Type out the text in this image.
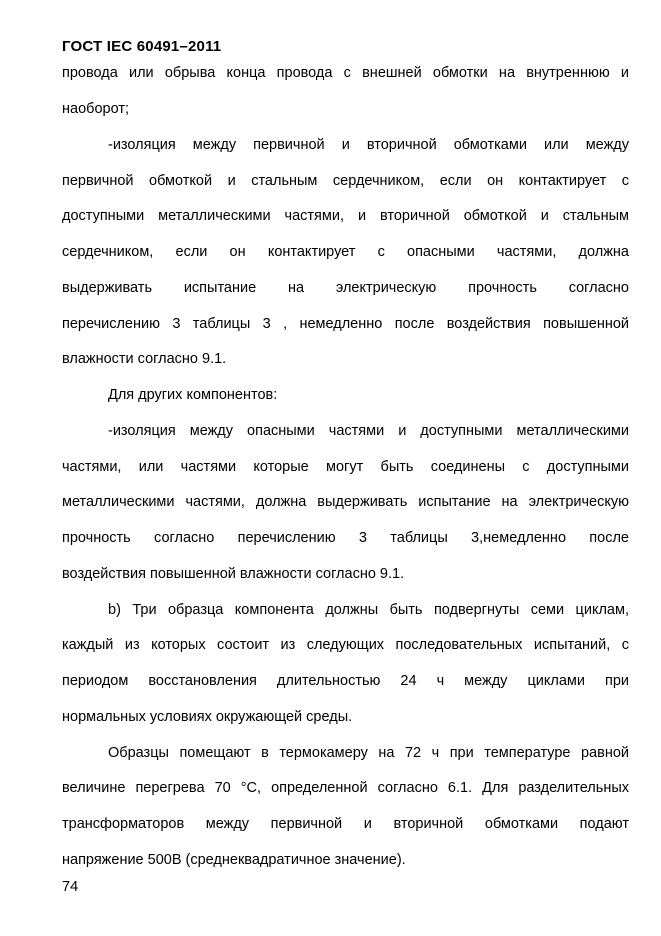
ГОСТ IEC 60491–2011
провода или обрыва конца провода с внешней обмотки на внутреннюю и
наоборот;
-изоляция между первичной и вторичной обмотками или между
первичной обмоткой и стальным сердечником, если он контактирует с
доступными металлическими частями, и вторичной обмоткой и стальным
сердечником, если он контактирует с опасными частями, должна
выдерживать испытание на электрическую прочность согласно
перечислению 3 таблицы 3 , немедленно после воздействия повышенной
влажности согласно 9.1.
Для других компонентов:
-изоляция между опасными частями и доступными металлическими
частями, или частями которые могут быть соединены с доступными
металлическими частями, должна выдерживать испытание на электрическую
прочность согласно перечислению 3 таблицы 3,немедленно после
воздействия повышенной влажности согласно 9.1.
b) Три образца компонента должны быть подвергнуты семи циклам,
каждый из которых состоит из следующих последовательных испытаний, с
периодом восстановления длительностью 24 ч между циклами при
нормальных условиях окружающей среды.
Образцы помещают в термокамеру на 72 ч при температуре равной
величине перегрева 70 °С, определенной согласно 6.1. Для разделительных
трансформаторов между первичной и вторичной обмотками подают
напряжение 500В (среднеквадратичное значение).
74
